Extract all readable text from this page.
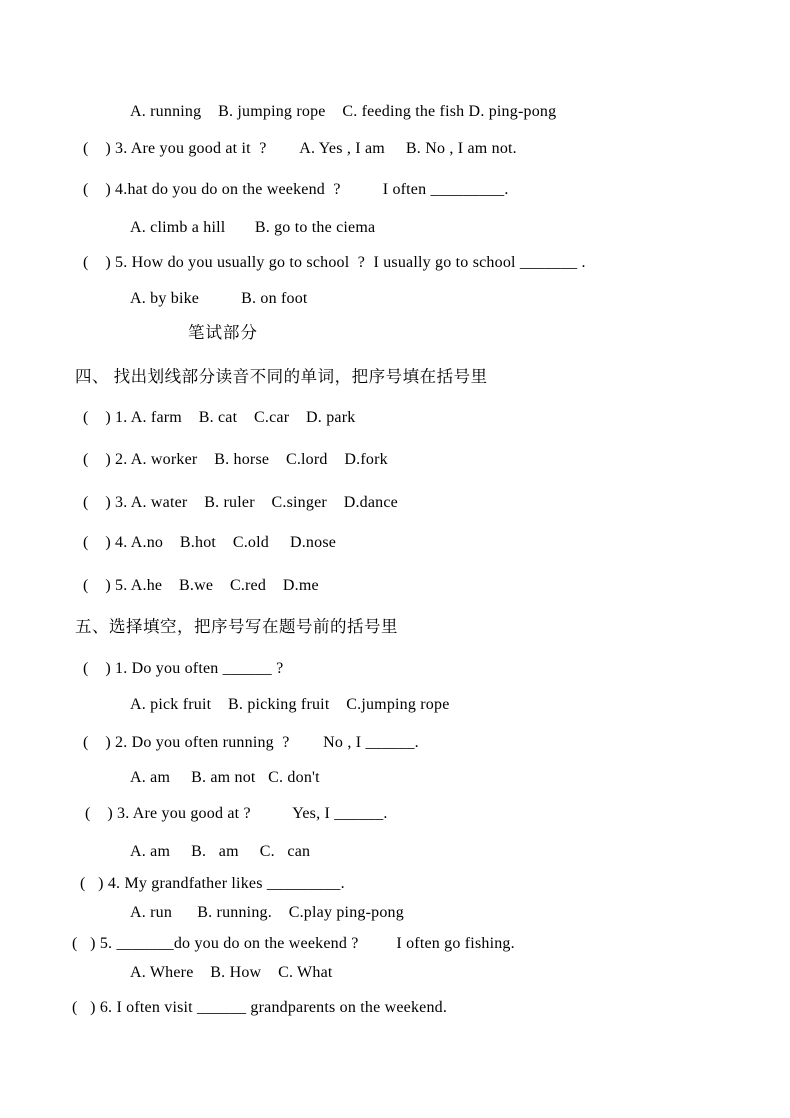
A. running    B. jumping rope    C. feeding the fish D. ping-pong
(    ) 3. Are you good at it  ?        A. Yes , I am     B. No , I am not.
(    ) 4.hat do you do on the weekend  ?          I often _________.
A. climb a hill       B. go to the ciema
(    ) 5. How do you usually go to school  ?  I usually go to school _______ .
A. by bike          B. on foot
笔试部分
四、 找出划线部分读音不同的单词，把序号填在括号里
(    ) 1. A. farm    B. cat    C.car    D. park
(    ) 2. A. worker    B. horse    C.lord    D.fork
(    ) 3. A. water    B. ruler    C.singer    D.dance
(    ) 4. A.no    B.hot    C.old     D.nose
(    ) 5. A.he    B.we    C.red    D.me
五、选择填空，把序号写在题号前的括号里
(    ) 1. Do you often ______ ?
A. pick fruit    B. picking fruit    C.jumping rope
(    ) 2. Do you often running  ?        No , I ______.
A. am     B. am not   C. don't
(    ) 3. Are you good at ?          Yes, I ______.
A. am     B.   am     C.   can
(   ) 4. My grandfather likes _________.
A. run      B. running.    C.play ping-pong
(   ) 5. _______do you do on the weekend ?         I often go fishing.
A. Where    B. How    C. What
(   ) 6. I often visit ______ grandparents on the weekend.
